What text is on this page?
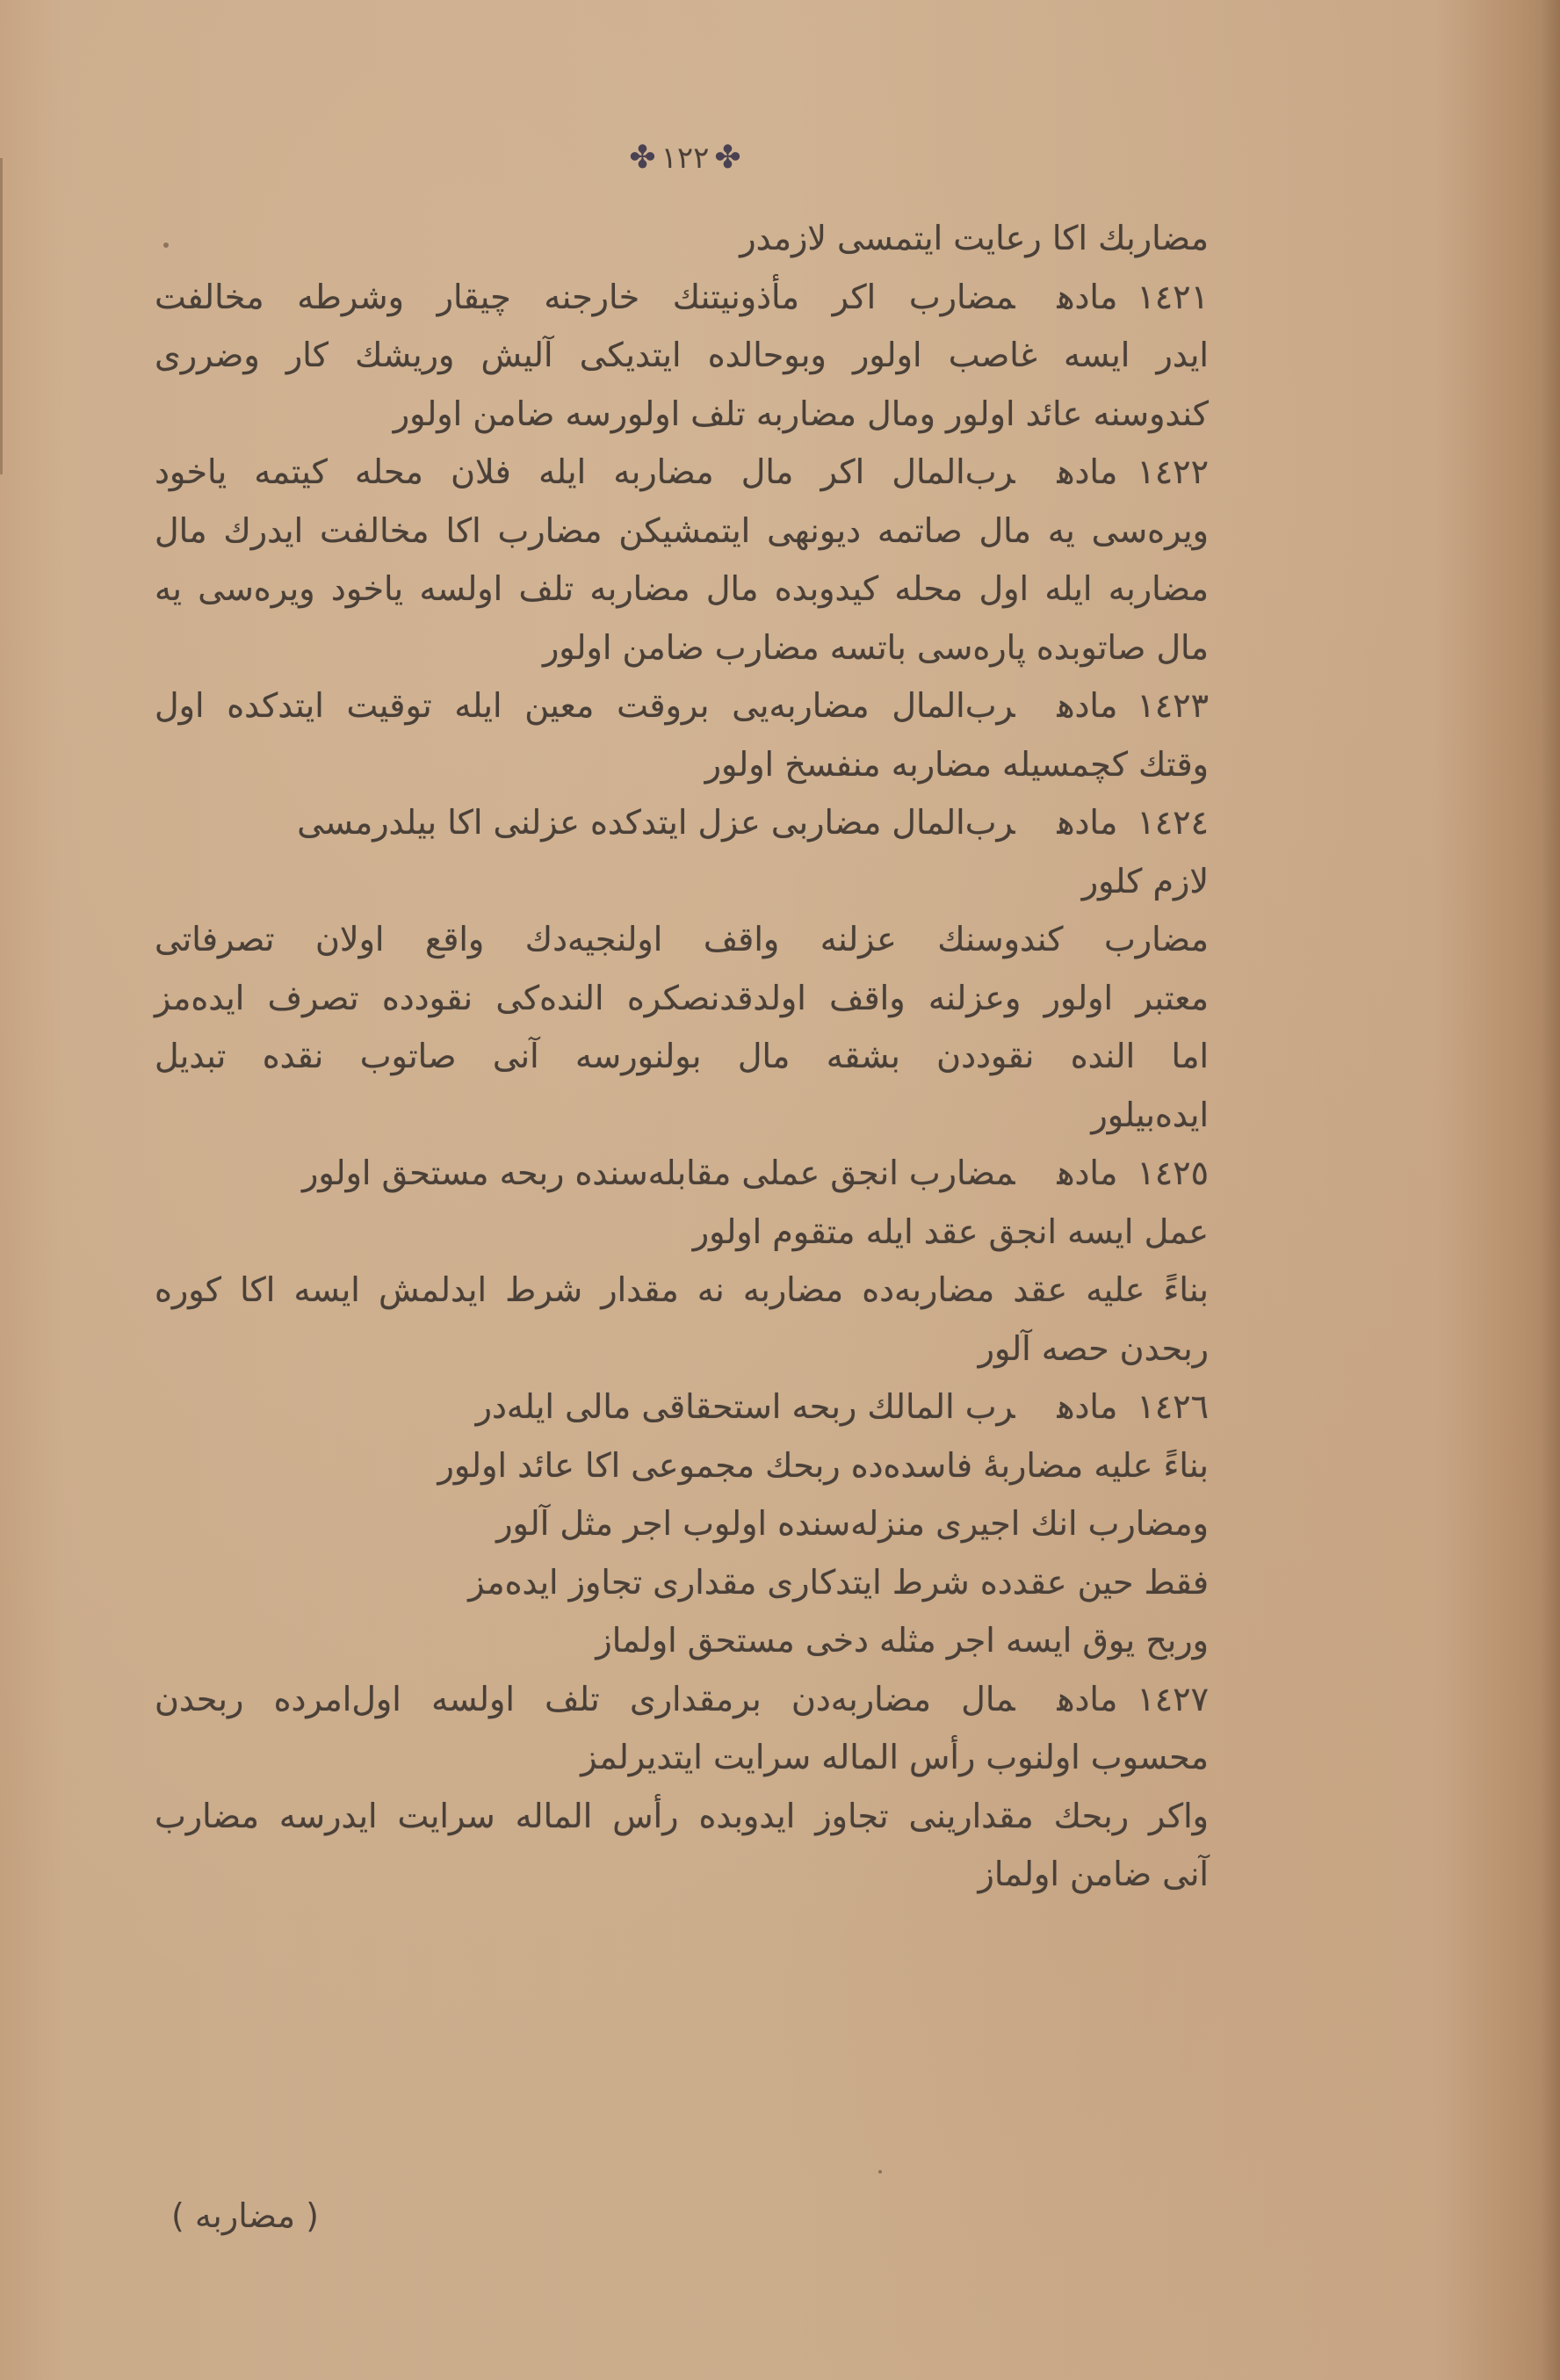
✤ ١٢٢ ✤
مضاربك اكا رعايت ايتمسى لازمدر
١٤٢١مادهمضارب اكر مأذونيتنك خارجنه چيقار وشرطه مخالفت
ايدر ايسه غاصب اولور وبوحالده ايتديكى آليش وريشك كار وضررى
كندوسنه عائد اولور ومال مضاربه تلف اولورسه ضامن اولور
١٤٢٢مادهرب‌المال اكر مال مضاربه ايله فلان محله كيتمه ياخود
ويره‌سى يه مال صاتمه ديونهى ايتمشيكن مضارب اكا مخالفت ايدرك مال
مضاربه ايله اول محله كيدوبده مال مضاربه تلف اولسه ياخود ويره‌سى يه
مال صاتوبده پاره‌سى باتسه مضارب ضامن اولور
١٤٢٣مادهرب‌المال مضاربه‌يى بروقت معين ايله توقيت ايتدكده اول
وقتك كچمسيله مضاربه منفسخ اولور
١٤٢٤مادهرب‌المال مضاربى عزل ايتدكده عزلنى اكا بيلدرمسى
لازم كلور
مضارب كندوسنك عزلنه واقف اولنجيه‌دك واقع اولان تصرفاتى
معتبر اولور وعزلنه واقف اولدقدنصكره النده‌كى نقودده تصرف ايده‌مز
اما النده نقوددن بشقه مال بولنورسه آنى صاتوب نقده تبديل
ايده‌بيلور
١٤٢٥مادهمضارب انجق عملى مقابله‌سنده ربحه مستحق اولور
عمل ايسه انجق عقد ايله متقوم اولور
بناءً عليه عقد مضاربه‌ده مضاربه نه مقدار شرط ايدلمش ايسه اكا كوره
ربحدن حصه آلور
١٤٢٦مادهرب المالك ربحه استحقاقى مالى ايله‌در
بناءً عليه مضاربهٔ فاسده‌ده ربحك مجموعى اكا عائد اولور
ومضارب انك اجيرى منزله‌سنده اولوب اجر مثل آلور
فقط حين عقدده شرط ايتدكارى مقدارى تجاوز ايده‌مز
وربح يوق ايسه اجر مثله دخى مستحق اولماز
١٤٢٧مادهمال مضاربه‌دن برمقدارى تلف اولسه اول‌امرده ربحدن
محسوب اولنوب رأس الماله سرايت ايتديرلمز
واكر ربحك مقدارينى تجاوز ايدوبده رأس الماله سرايت ايدرسه مضارب
آنى ضامن اولماز
( مضاربه )
